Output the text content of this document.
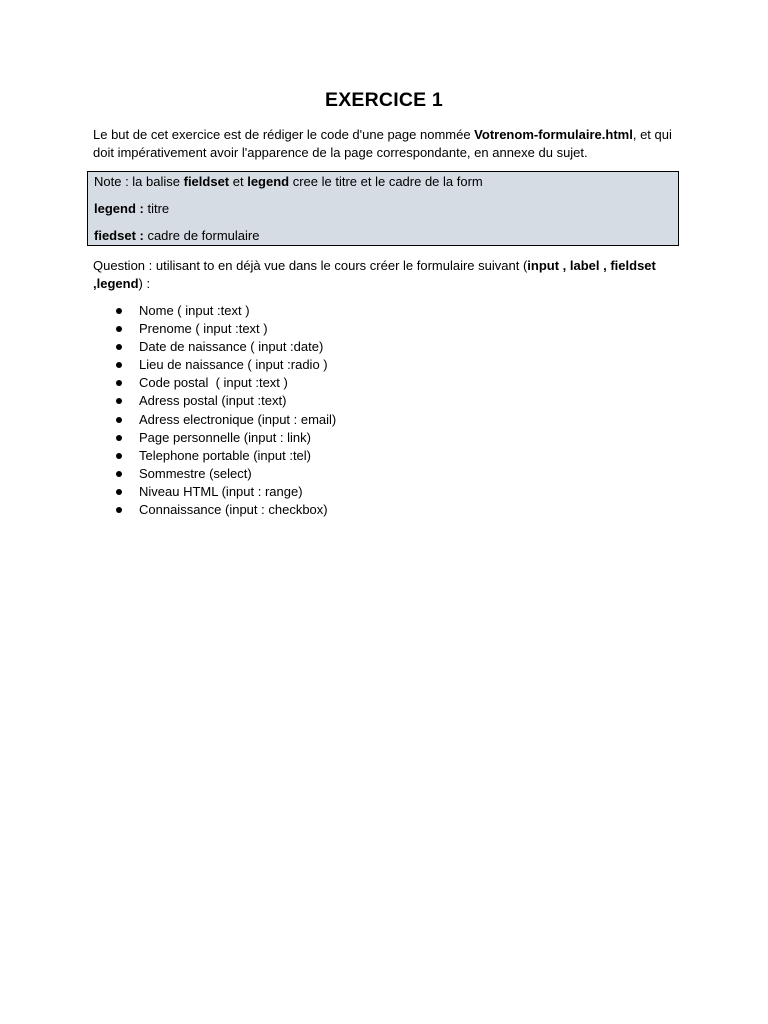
EXERCICE 1
Le but de cet exercice est de rédiger le code d'une page nommée Votrenom-formulaire.html, et qui doit impérativement avoir l'apparence de la page correspondante, en annexe du sujet.
Note : la balise fieldset et legend cree le titre et le cadre de la form
legend : titre
fiedset : cadre de formulaire
Question : utilisant to en déjà vue dans le cours créer le formulaire suivant (input , label , fieldset ,legend) :
Nome ( input :text )
Prenome ( input :text )
Date de naissance ( input :date)
Lieu de naissance ( input :radio )
Code postal  ( input :text )
Adress postal (input :text)
Adress electronique (input : email)
Page personnelle (input : link)
Telephone portable (input :tel)
Sommestre (select)
Niveau HTML (input : range)
Connaissance (input : checkbox)
